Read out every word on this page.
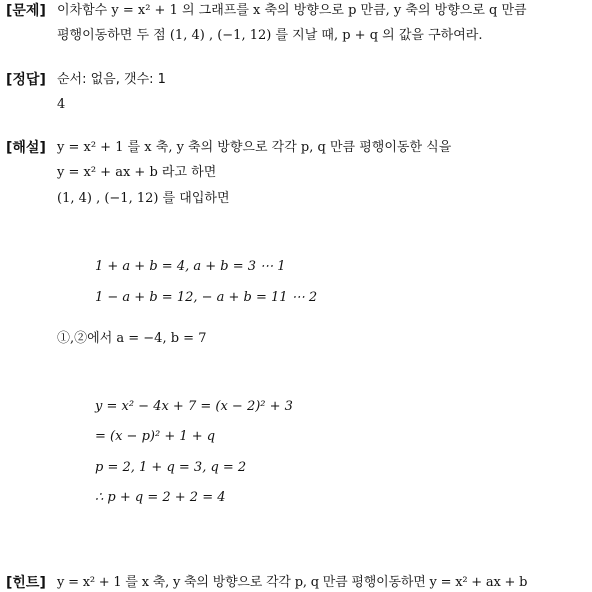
[문제] 이차함수 y = x² + 1 의 그래프를 x 축의 방향으로 p 만큼, y 축의 방향으로 q 만큼
평행이동하면 두 점 (1, 4) , (−1, 12) 를 지날 때, p + q 의 값을 구하여라.
[정답] 순서: 없음, 갯수: 1
4
[해설] y = x² + 1 를 x 축, y 축의 방향으로 각각 p, q 만큼 평행이동한 식을
y = x² + ax + b 라고 하면
(1, 4) , (−1, 12) 를 대입하면
1 + a + b = 4, a + b = 3 ⋯ 1
1 − a + b = 12, − a + b = 11 ⋯ 2
①,②에서 a = −4, b = 7
y = x² − 4x + 7 = (x − 2)² + 3
= (x − p)² + 1 + q
p = 2, 1 + q = 3, q = 2
∴ p + q = 2 + 2 = 4
[힌트] y = x² + 1 를 x 축, y 축의 방향으로 각각 p, q 만큼 평행이동하면 y = x² + ax + b
